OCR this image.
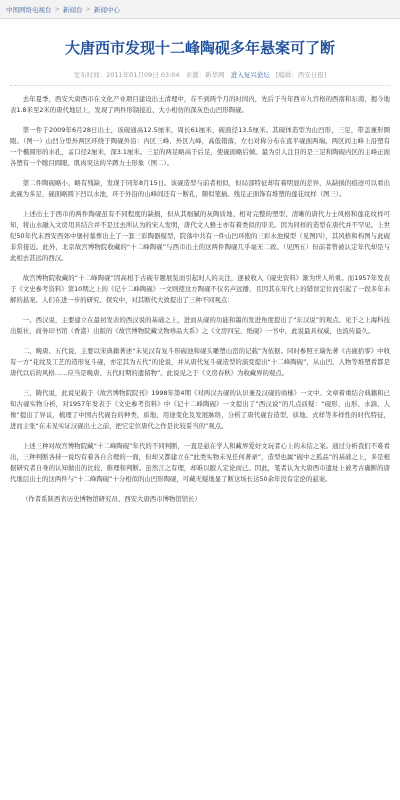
中国网络电视台 > 新闻台 > 新闻中心
大唐西市发现十二峰陶砚多年悬案可了断
发布时间：2011年01月09日 03:04 来源：新华网 进入复兴论坛 [编辑：西安日报]

去年夏季，西安大唐西市在文化产业项目建设出土清理中，在不到两个月的时间内，先后于当年西市九宫格的西南和东南，揭今地表1.8米至2米的唐代地层上，发现了两件形制接近、大小相仿的深灰色山凹形陶砚。

第一件于2009年6月28日出土，该砚通高12.5厘米，周长61厘米，砚面径13.5厘米。其砚体造型为山凹形，三足，带盖兼形圈眼。（图一）山凹分里外两区环绕于陶砚外沿：内区三峰、外区九峰，高低错落，左右对称分布在直平砚面两端。两区间主峰上沿塑有一个椭圆形的水孔，孟口径2厘米，深3.1厘米。三足的两足略高于后足，使砚面略后倾。最为引人注目的是三足和陶砚内区的主峰正面各塑有一个瞠目圆眼、肌肉突达的半蹲力士形象（图二）。

第二件陶砚略小，略有残缺，发现于同年8月15日。该砚造型与前者相似，但局部特征却有着明显的差异，从缺损的痕迹可以看出此砚为多足，砚面略圆下凹以水池，环于外沿的山峰间还有一断孔，颇似笔插。残足正面饰有堆塑的莲花纹样（图三）。

上述出土于西市的两件陶砚虽有不同程度的缺损，但从其细腻的灰陶质地、相对完整的塑型、清晰的唐代力士风格和莲花纹样可知，将山水融入文房用具结合并不是过去所认为的宋人发明，唐代文人雅士亦有着类似的审美。因为同样的造型在唐代并不罕见。上世纪50年代末西安西郊中堡村墓葬出土了一套三彩陶器模型，院落中共有一件山凹环抱的三彩水池模型（见图四），其风格和构图与此砚非常接近。此外，北京故宫博物院收藏的“十二峰陶砚”与西市出土的这两件陶砚几乎毫无二致。（见图五）但前者曾被认定年代却是与此相去甚远的西汉。

故宫博物院收藏的“十二峰陶砚”因高相于古砚专题展览而引起时人的关注，逐被收入《砚史资料》渐为世人所重。而1957年发表于《文史参考资料》第10期之上的《记十二峰陶砚》一文则使这方陶砚不仅名声远播，且因其在年代上的错误定位而引起了一段多年未解的悬案。人们在进一步的研究、探究中，对其断代大致提出了三种不同观点：

一、西汉说，主要建立在最初发表的西汉说的基础之上，进而从砚的功能和墨的发进角度提出了“东汉说”的观点。见于之上海科技出版社、商务印书馆（香港）出版的《故宫博物院藏文物珍品大系》之《文房四宝、纸砚》一书中，此说最具权威，也流传最久。

二、晚唐、五代说，主要以宋典籍著述“未见汉有复斗形砚池和砚头雕塑山峦的记载”为依据。同时参照王瑞先著《古砚拾零》中收有一方“花纹及工艺的造形复斗砚，亦定其为五代”的论说，并从唐代复斗砚造型的演变提出“十二峰陶砚”，从山凹、人物等堆塑看都是唐代以后的风格……应当是晚唐、五代时期的遗留物”。此说见之于《文房春秋》为收藏界的观点。

三、隋代说，此说见载于《故宫博物院院刊》1998年第4期《对两汉古砚的认识兼及汉砚的商榷》一文中。文章着重结合典籍和已知古砚实物分析，对1957年发表于《文史参考资料》中《记十二峰陶砚》一文提出了“西汉说”的几点质疑：“砚形、山形、水滴、人像”提出了异议，梳理了中国古代砚台的种类、质地、用途变化及发展脉络，分析了唐代砚台造型、质地、式样等多样性的时代特征，进而主张“在未见实证汉砚出土之前，把它定位唐代之作是比较妥当的”观点。

上述三种对故宫博物院藏“十二峰陶砚”年代的不同判断，一直是悬在学人和藏界爱好文玩者心上的未结之案。通过分析我们不难看出，三种判断各持一说均有着各自合理的一面，但却又都建立在“此类实物未见任何著录”，造型也属“砚中之孤品”的基础之上，多是根据研究者自身的认知做出的比较、推理和判断。虽然言之有理，却难以服人定论而已。因此，笔者认为大唐西市遗址上被考古确断的唐代地层出土的这两件与“十二峰陶砚”十分相似的山凹形陶砚，可藏无疑地显了断这场长达50余年没有定论的悬案。

（作者系陕西省历史博物馆研究员、西安大唐西市博物馆馆长）
